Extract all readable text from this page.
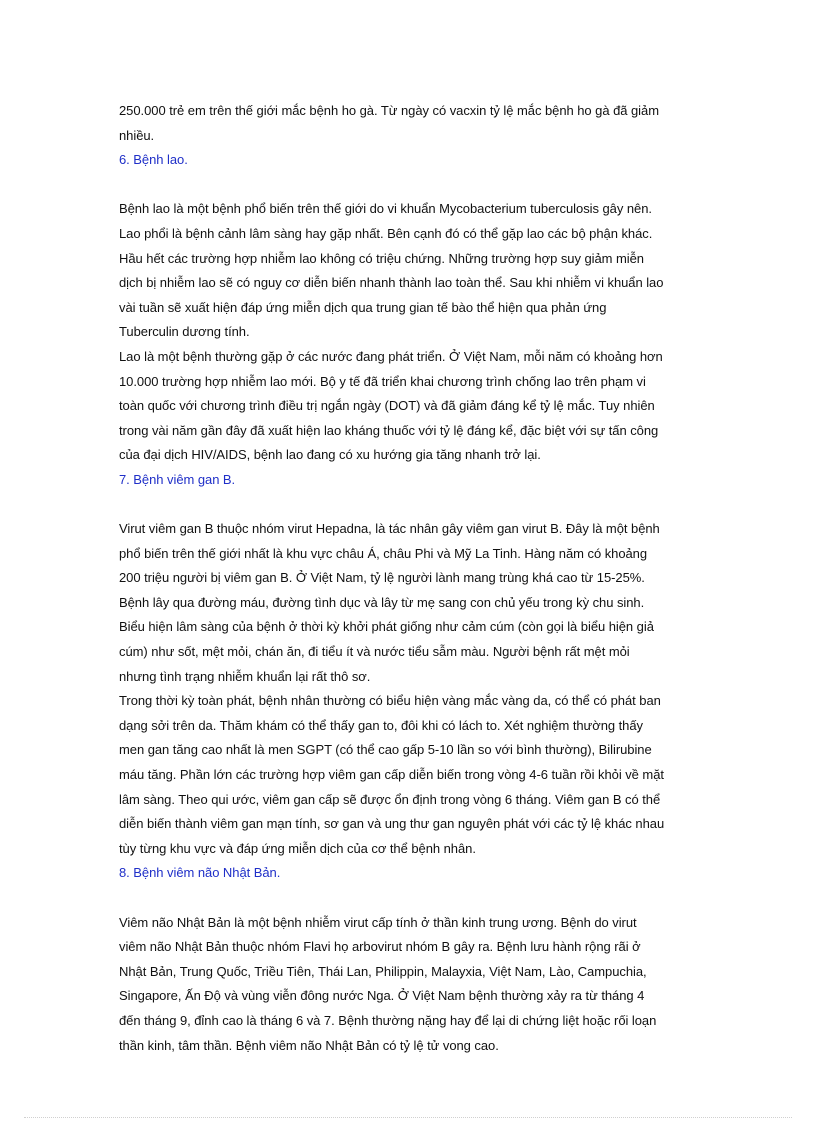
250.000 trẻ em trên thế giới mắc bệnh ho gà. Từ ngày có vacxin tỷ lệ mắc bệnh ho gà đã giảm
nhiều.
6. Bệnh lao.
Bệnh lao là một bệnh phổ biến trên thế giới do vi khuẩn Mycobacterium tuberculosis gây nên.
Lao phổi là bệnh cảnh lâm sàng hay gặp nhất. Bên cạnh đó có thể gặp lao các bộ phận khác.
Hầu hết các trường hợp nhiễm lao không có triệu chứng. Những trường hợp suy giảm miễn
dịch bị nhiễm lao sẽ có nguy cơ diễn biến nhanh thành lao toàn thể. Sau khi nhiễm vi khuẩn lao
vài tuần sẽ xuất hiện đáp ứng miễn dịch qua trung gian tế bào thể hiện qua phản ứng
Tuberculin dương tính.
Lao là một bệnh thường gặp ở các nước đang phát triển. Ở Việt Nam, mỗi năm có khoảng hơn
10.000 trường hợp nhiễm lao mới. Bộ y tế đã triển khai chương trình chống lao trên phạm vi
toàn quốc với chương trình điều trị ngắn ngày (DOT) và đã giảm đáng kể tỷ lệ mắc. Tuy nhiên
trong vài năm gần đây đã xuất hiện lao kháng thuốc với tỷ lệ đáng kể, đặc biệt với sự tấn công
của đại dịch HIV/AIDS, bệnh lao đang có xu hướng gia tăng nhanh trở lại.
7. Bệnh viêm gan B.
Virut viêm gan B thuộc nhóm virut Hepadna, là tác nhân gây viêm gan virut B. Đây là một bệnh
phổ biến trên thế giới nhất là khu vực châu Á, châu Phi và Mỹ La Tinh. Hàng năm có khoảng
200 triệu người bị viêm gan B. Ở Việt Nam, tỷ lệ người lành mang trùng khá cao từ 15-25%.
Bệnh lây qua đường máu, đường tình dục và lây từ mẹ sang con chủ yếu trong kỳ chu sinh.
Biểu hiện lâm sàng của bệnh ở thời kỳ khởi phát giống như cảm cúm (còn gọi là biểu hiện giả
cúm) như sốt, mệt mỏi, chán ăn, đi tiểu ít và nước tiểu sẫm màu. Người bệnh rất mệt mỏi
nhưng tình trạng nhiễm khuẩn lại rất thô sơ.
Trong thời kỳ toàn phát, bệnh nhân thường có biểu hiện vàng mắc vàng da, có thể có phát ban
dạng sởi trên da. Thăm khám có thể thấy gan to, đôi khi có lách to. Xét nghiệm thường thấy
men gan tăng cao nhất là men SGPT (có thể cao gấp 5-10 lần so với bình thường), Bilirubine
máu tăng. Phần lớn các trường hợp viêm gan cấp diễn biến trong vòng 4-6 tuần rồi khỏi về mặt
lâm sàng. Theo qui ước, viêm gan cấp sẽ được ổn định trong vòng 6 tháng. Viêm gan B có thể
diễn biến thành viêm gan mạn tính, sơ gan và ung thư gan nguyên phát với các tỷ lệ khác nhau
tùy từng khu vực và đáp ứng miễn dịch của cơ thể bệnh nhân.
8. Bệnh viêm não Nhật Bản.
Viêm não Nhật Bản là một bệnh nhiễm virut cấp tính ở thần kinh trung ương. Bệnh do virut
viêm não Nhật Bản thuộc nhóm Flavi họ arbovirut nhóm B gây ra. Bệnh lưu hành rộng rãi ở
Nhật Bản, Trung Quốc, Triều Tiên, Thái Lan, Philippin, Malayxia, Việt Nam, Lào, Campuchia,
Singapore, Ấn Độ và vùng viễn đông nước Nga. Ở Việt Nam bệnh thường xảy ra từ tháng 4
đến tháng 9, đỉnh cao là tháng 6 và 7. Bệnh thường nặng hay để lại di chứng liệt hoặc rối loạn
thần kinh, tâm thần. Bệnh viêm não Nhật Bản có tỷ lệ tử vong cao.
